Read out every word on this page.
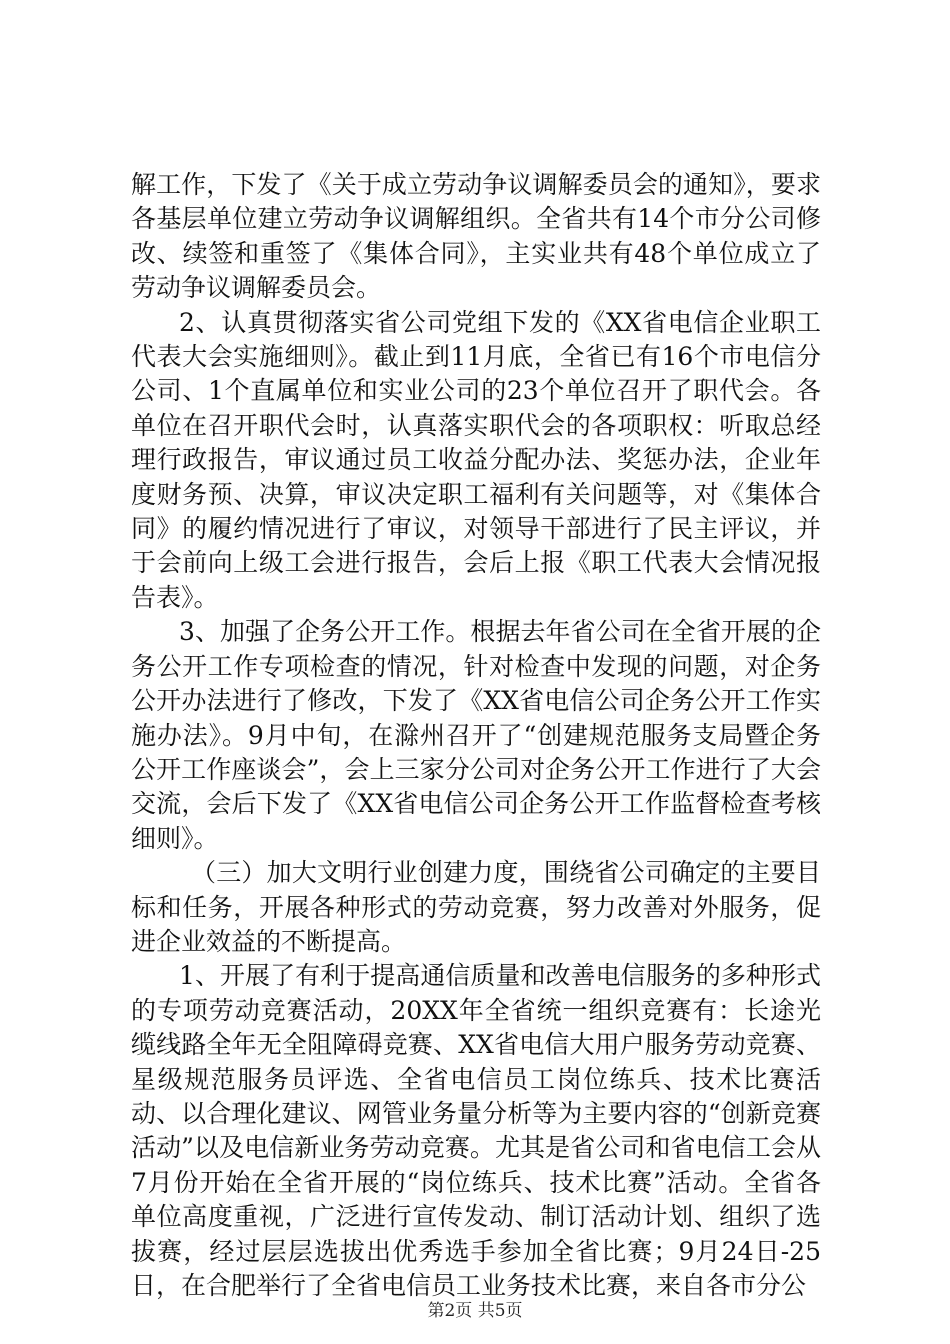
解工作，下发了《关于成立劳动争议调解委员会的通知》，要求各基层单位建立劳动争议调解组织。全省共有14个市分公司修改、续签和重签了《集体合同》，主实业共有48个单位成立了劳动争议调解委员会。

2、认真贯彻落实省公司党组下发的《XX省电信企业职工代表大会实施细则》。截止到11月底，全省已有16个市电信分公司、1个直属单位和实业公司的23个单位召开了职代会。各单位在召开职代会时，认真落实职代会的各项职权：听取总经理行政报告，审议通过员工收益分配办法、奖惩办法，企业年度财务预、决算，审议决定职工福利有关问题等，对《集体合同》的履约情况进行了审议，对领导干部进行了民主评议，并于会前向上级工会进行报告，会后上报《职工代表大会情况报告表》。

3、加强了企务公开工作。根据去年省公司在全省开展的企务公开工作专项检查的情况，针对检查中发现的问题，对企务公开办法进行了修改，下发了《XX省电信公司企务公开工作实施办法》。9月中旬，在滁州召开了“创建规范服务支局暨企务公开工作座谈会”，会上三家分公司对企务公开工作进行了大会交流，会后下发了《XX省电信公司企务公开工作监督检查考核细则》。

（三）加大文明行业创建力度，围绕省公司确定的主要目标和任务，开展各种形式的劳动竞赛，努力改善对外服务，促进企业效益的不断提高。

1、开展了有利于提高通信质量和改善电信服务的多种形式的专项劳动竞赛活动，20XX年全省统一组织竞赛有：长途光缆线路全年无全阻障碍竞赛、XX省电信大用户服务劳动竞赛、星级规范服务员评选、全省电信员工岗位练兵、技术比赛活动、以合理化建议、网管业务量分析等为主要内容的“创新竞赛活动”以及电信新业务劳动竞赛。尤其是省公司和省电信工会从7月份开始在全省开展的“岗位练兵、技术比赛”活动。全省各单位高度重视，广泛进行宣传发动、制订活动计划、组织了选拔赛，经过层层选拔出优秀选手参加全省比赛；9月24日-25日，在合肥举行了全省电信员工业务技术比赛，来自各市分公

第2页 共5页
